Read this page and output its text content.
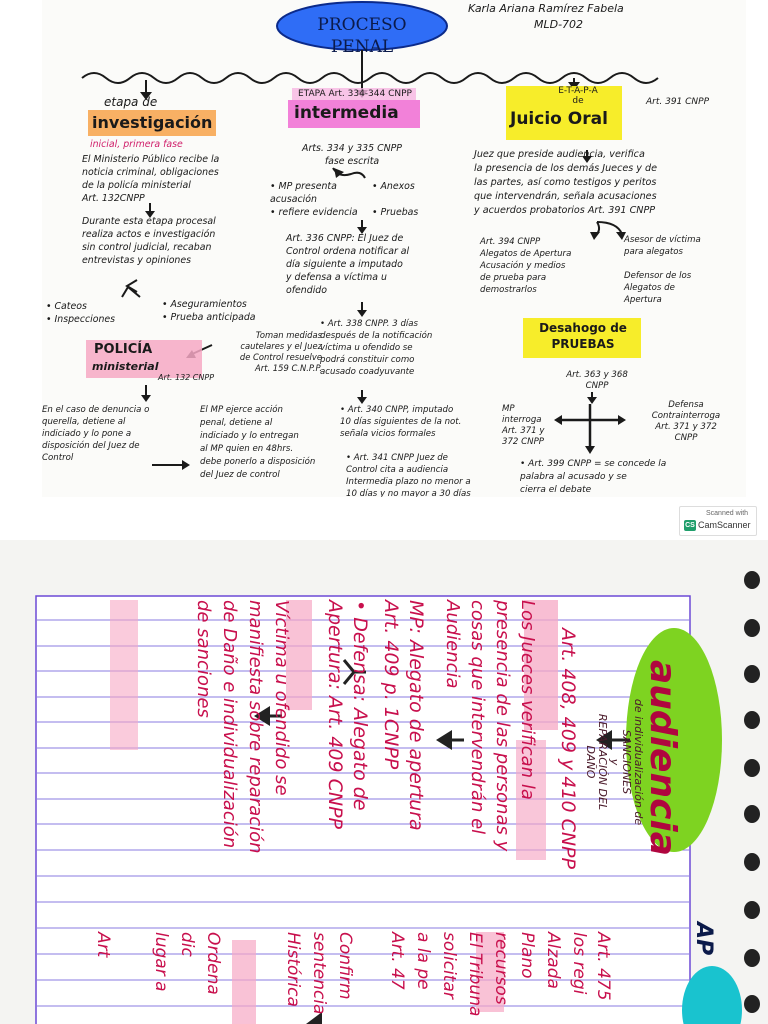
PROCESO PENAL
Karla Ariana Ramírez Fabela
MLD-702
etapa de
investigación
inicial, primera fase
El Ministerio Público recibe la
noticia criminal, obligaciones
de la policía ministerial
Art. 132CNPP
Durante esta etapa procesal
realiza actos e investigación
sin control judicial, recaban
entrevistas y opiniones
• Cateos
• Inspecciones
• Aseguramientos
• Prueba anticipada
POLICÍA
ministerial
Art. 132 CNPP
Toman medidas
cautelares y el Juez
de Control resuelve
Art. 159 C.N.P.P.
En el caso de denuncia o
querella, detiene al
indiciado y lo pone a
disposición del Juez de
Control
El MP ejerce acción
penal, detiene al
indiciado y lo entregan
al MP quien en 48hrs.
debe ponerlo a disposición
del Juez de control
ETAPA Art. 334-344 CNPP
intermedia
Arts. 334 y 335 CNPP
fase escrita
• MP presenta
acusación
• refiere evidencia
• Anexos

• Pruebas
Art. 336 CNPP: El Juez de
Control ordena notificar al
día siguiente a imputado
y defensa a víctima u
ofendido
• Art. 338 CNPP. 3 días
después de la notificación
víctima u ofendido se
podrá constituir como
acusado coadyuvante
• Art. 340 CNPP, imputado
10 días siguientes de la not.
señala vicios formales
• Art. 341 CNPP Juez de
Control cita a audiencia
Intermedia plazo no menor a
10 días y no mayor a 30 días
E-T-A-P-A
de
Juicio Oral
Art. 391 CNPP
Juez que preside audiencia, verifica
la presencia de los demás Jueces y de
las partes, así como testigos y peritos
que intervendrán, señala acusaciones
y acuerdos probatorios Art. 391 CNPP
Art. 394 CNPP
Alegatos de Apertura
Acusación y medios
de prueba para
demostrarlos
Asesor de víctima
para alegatos

Defensor de los
Alegatos de
Apertura
Desahogo de
PRUEBAS
Art. 363 y 368
CNPP
MP
interroga
Art. 371 y
372 CNPP
Defensa
Contrainterroga
Art. 371 y 372
CNPP
• Art. 399 CNPP = se concede la
palabra al acusado y se
cierra el debate
Scanned with
CS CamScanner
audiencia
de individualización de
SANCIONES
y
REPARACIÓN DEL
DAÑO
Art. 408, 409 y 410 CNPP
Los Jueces verifican la
presencia de las personas y
cosas que intervendrán el
Audiencia
MP: Alegato de apertura
Art. 409 p. 1CNPP
• Defensa: Alegato de
Apertura: Art. 409 CNPP
Víctima u ofendido se
manifiesta sobre reparación
de Daño e individualización
de sanciones
AP
Art. 475
los regi
Alzada
Plano
recursos
El Tribuna
solicitar
a la pe
Art. 47
Confirm
sentencia
Histórica
Ordena
dic
lugar a
Art
